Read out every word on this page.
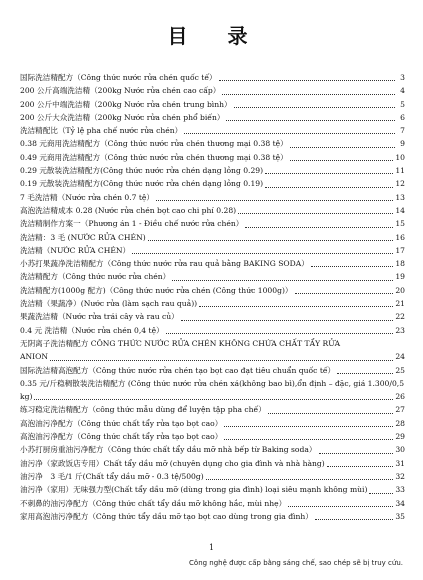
目　录
国际洗洁精配方（Công thức nước rửa chén quốc tế）	3
200 公斤高端洗洁精（200kg Nước rửa chén cao cấp）	4
200 公斤中端洗洁精（200kg Nước rửa chén trung bình）	5
200 公斤大众洗洁精（200kg Nước rửa chén phổ biến）	6
洗洁精配比（Tỷ lệ pha chế nước rửa chén）	7
0.38 元商用洗洁精配方（Công thức nước rửa chén thương mại 0.38 tệ）	9
0.49 元商用洗洁精配方（Công thức nước rửa chén thương mại 0.38 tệ）	10
0.29 元散装洗洁精配方(Công thức nước rửa chén dạng lỏng 0.29)	11
0.19 元散装洗洁精配方(Công thức nước rửa chén dạng lỏng 0.19)	12
7 毛洗洁精（Nước rửa chén 0.7 tệ）	13
高泡洗洁精成本 0.28 (Nước rửa chén bọt cao chi phí 0.28)	14
洗洁精制作方案一（Phương án 1 - Điều chế nước rửa chén）	15
洗洁精：3 毛 (NƯỚC RỬA CHÉN)	16
洗洁精（NƯỚC RỬA CHÉN）	17
小苏打果蔬净洗洁精配方（Công thức nước rửa rau quả bằng BAKING SODA）	18
洗洁精配方（Công thức nước rửa chén）	19
洗洁精配方(1000g 配方)（Công thức nước rửa chén (Công thức 1000g)）	20
洗洁精（果蔬净）(Nước rửa (làm sạch rau quả))	21
果蔬洗洁精（Nước rửa trái cây và rau củ）	22
0.4 元 洗洁精（Nước rửa chén 0,4 tệ）	23
无阴离子洗洁精配方 CÔNG THỨC NƯỚC RỬA CHÉN KHÔNG CHỨA CHẤT TẨY RỬA
ANION	24
国际洗洁精高泡配方（Công thức nước rửa chén tạo bọt cao đạt tiêu chuẩn quốc tế）	25
0.35 元/斤稳稠散装洗洁精配方 (Công thức nước rửa chén xá(không bao bì),ổn định – đặc, giá 1.300/0,5
kg)	26
练习稳定洗洁精配方（công thức mẫu dùng để luyện tập pha chế）	27
高泡油污净配方（Công thức chất tẩy rửa tạo bọt cao）	28
高泡油污净配方（Công thức chất tẩy rửa tạo bọt cao）	29
小苏打厨房重油污净配方（Công thức chất tẩy dầu mỡ nhà bếp từ Baking soda）	30
油污净（家政饭店专用）Chất tẩy dầu mỡ (chuyên dụng cho gia đình và nhà hàng)	31
油污净　3 毛/1 斤(Chất tẩy dầu mỡ - 0.3 tệ/500g)	32
油污净（家用）无味强力型(Chất tẩy dầu mỡ (dùng trong gia đình) loại siêu mạnh không mùi)	33
不刺鼻的油污净配方（Công thức chất tẩy dầu mỡ không hắc, mùi nhẹ）	34
家用高泡油污净配方（Công thức tẩy dầu mỡ tạo bọt cao dùng trong gia đình）	35
1
Công nghệ được cấp bằng sáng chế, sao chép sẽ bị truy cứu.
